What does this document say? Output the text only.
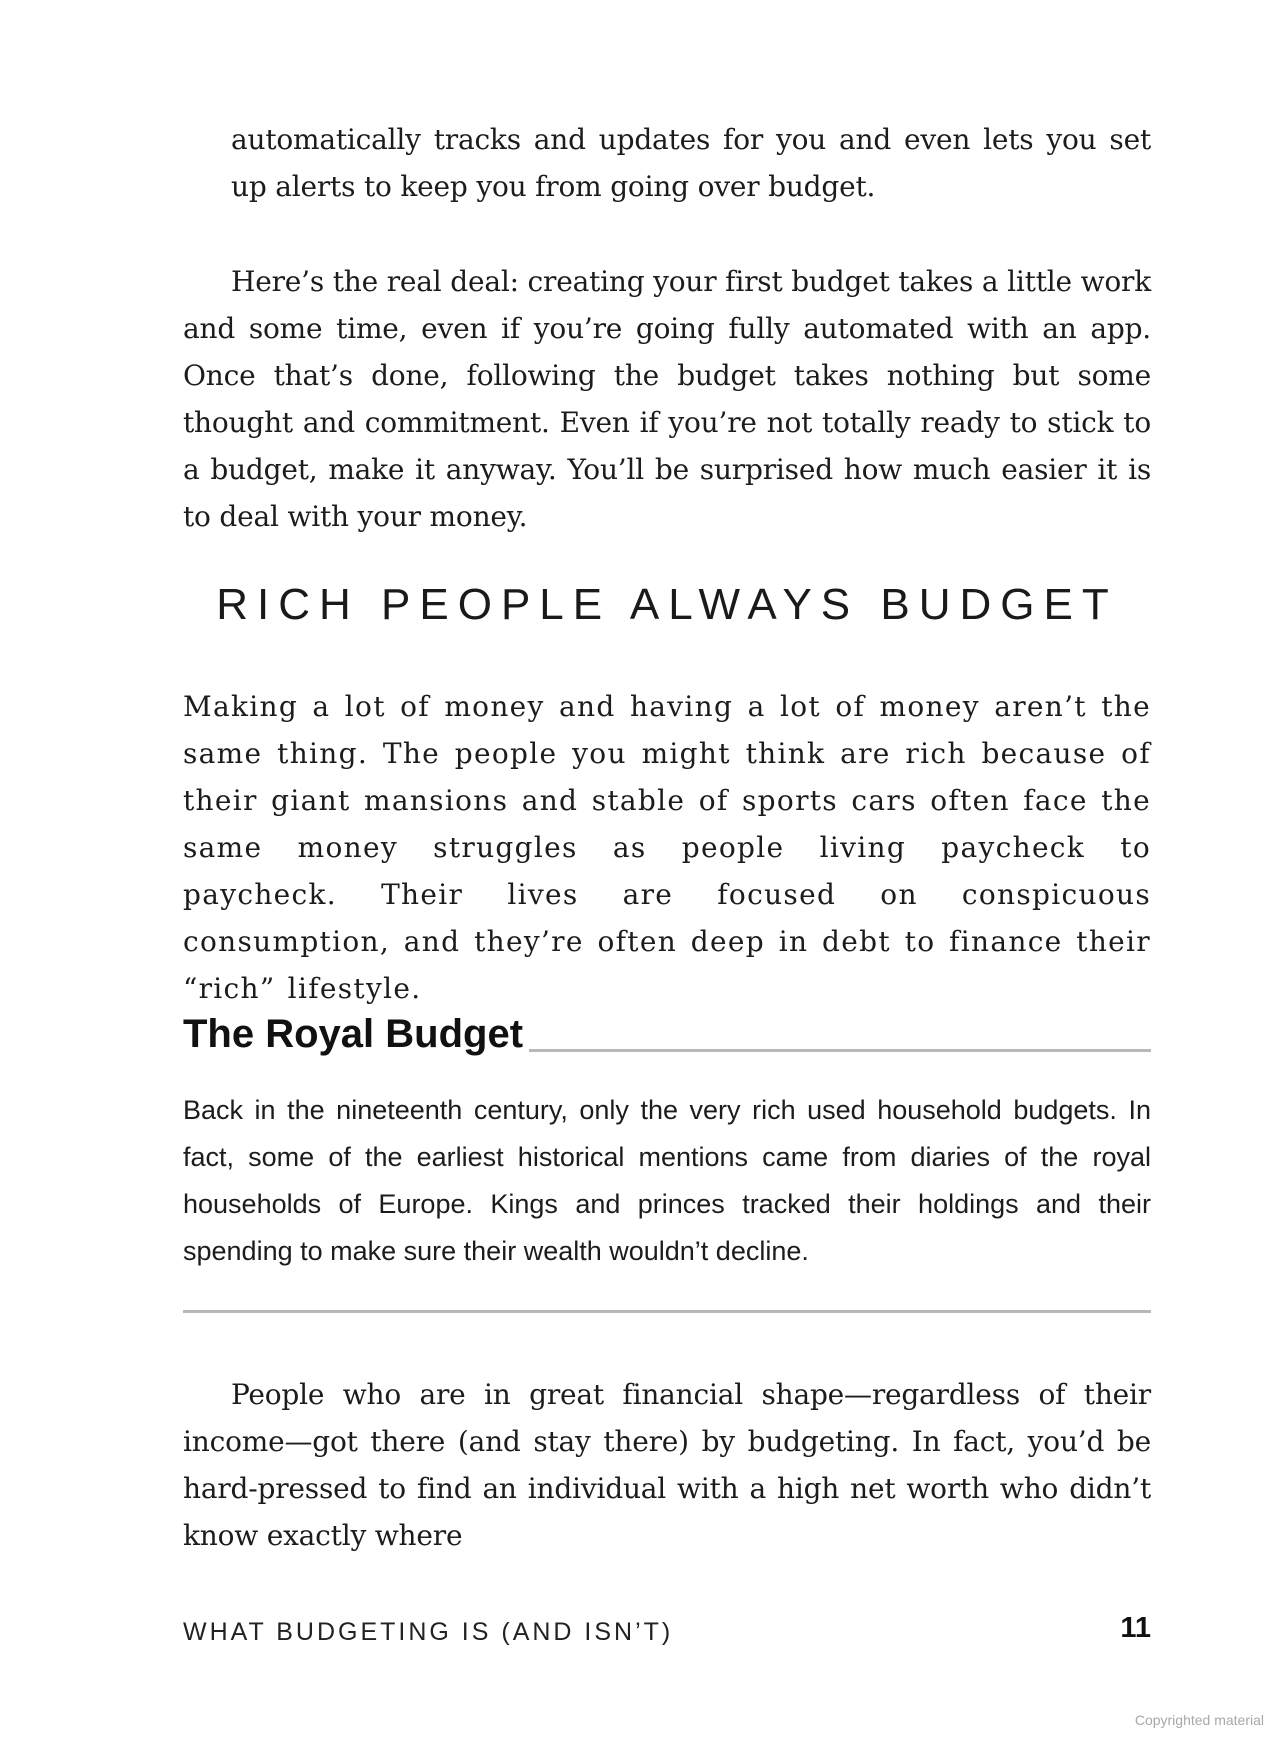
automatically tracks and updates for you and even lets you set up alerts to keep you from going over budget.

Here’s the real deal: creating your first budget takes a little work and some time, even if you’re going fully automated with an app. Once that’s done, following the budget takes nothing but some thought and commitment. Even if you’re not totally ready to stick to a budget, make it anyway. You’ll be surprised how much easier it is to deal with your money.

RICH PEOPLE ALWAYS BUDGET

Making a lot of money and having a lot of money aren’t the same thing. The people you might think are rich because of their giant mansions and stable of sports cars often face the same money struggles as people living paycheck to paycheck. Their lives are focused on conspicuous consumption, and they’re often deep in debt to finance their “rich” lifestyle.

The Royal Budget

Back in the nineteenth century, only the very rich used household budgets. In fact, some of the earliest historical mentions came from diaries of the royal households of Europe. Kings and princes tracked their holdings and their spending to make sure their wealth wouldn’t decline.

People who are in great financial shape—regardless of their income—got there (and stay there) by budgeting. In fact, you’d be hard-pressed to find an individual with a high net worth who didn’t know exactly where

WHAT BUDGETING IS (AND ISN’T)	11

Copyrighted material
